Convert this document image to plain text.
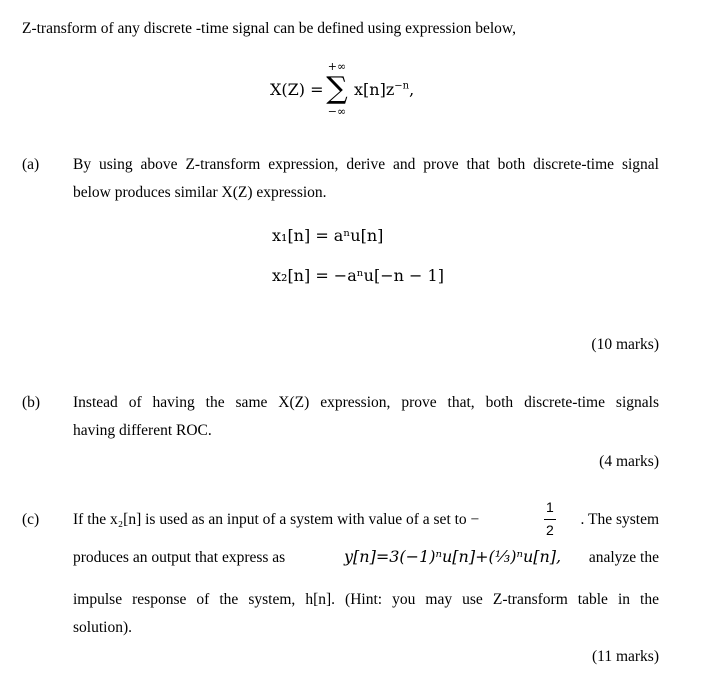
Z-transform of any discrete -time signal can be defined using expression below,
X(Z) =
+∞
∑
−∞
$x[n]z^{-n}$,
(a) By using above Z-transform expression, derive and prove that both discrete-time signal
below produces similar X(Z) expression.
x₁[n] = aⁿu[n]
x₂[n] = −aⁿu[−n − 1]
(10 marks)
(b) Instead of having the same X(Z) expression, prove that, both discrete-time signals
having different ROC.
(4 marks)
(c) If the x₂[n] is used as an input of a system with value of a set to −
1
2
. The system
produces an output that express as	y[n]=3(−1)ⁿu[n]+(⅓)ⁿu[n], analyze the
impulse response of the system, h[n]. (Hint: you may use Z-transform table in the
solution).
(11 marks)
